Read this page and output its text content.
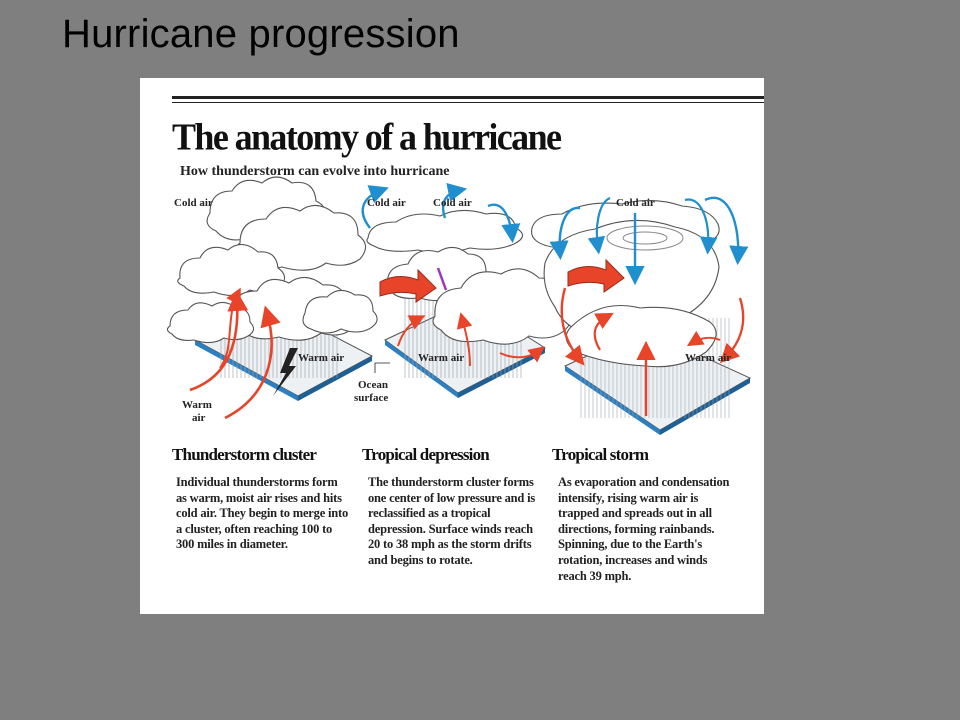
Hurricane progression
The anatomy of a hurricane
How thunderstorm can evolve into hurricane
Cold air
Warm air
Warm
air
Cold air Cold air
Warm air
Ocean
surface
Cold air
Warm air
Thunderstorm cluster
Individual thunderstorms form as warm, moist air rises and hits cold air. They begin to merge into a cluster, often reaching 100 to 300 miles in diameter.
Tropical depression
The thunderstorm cluster forms one center of low pressure and is reclassified as a tropical depression. Surface winds reach 20 to 38 mph as the storm drifts and begins to rotate.
Tropical storm
As evaporation and condensation intensify, rising warm air is trapped and spreads out in all directions, forming rainbands. Spinning, due to the Earth's rotation, increases and winds reach 39 mph.
